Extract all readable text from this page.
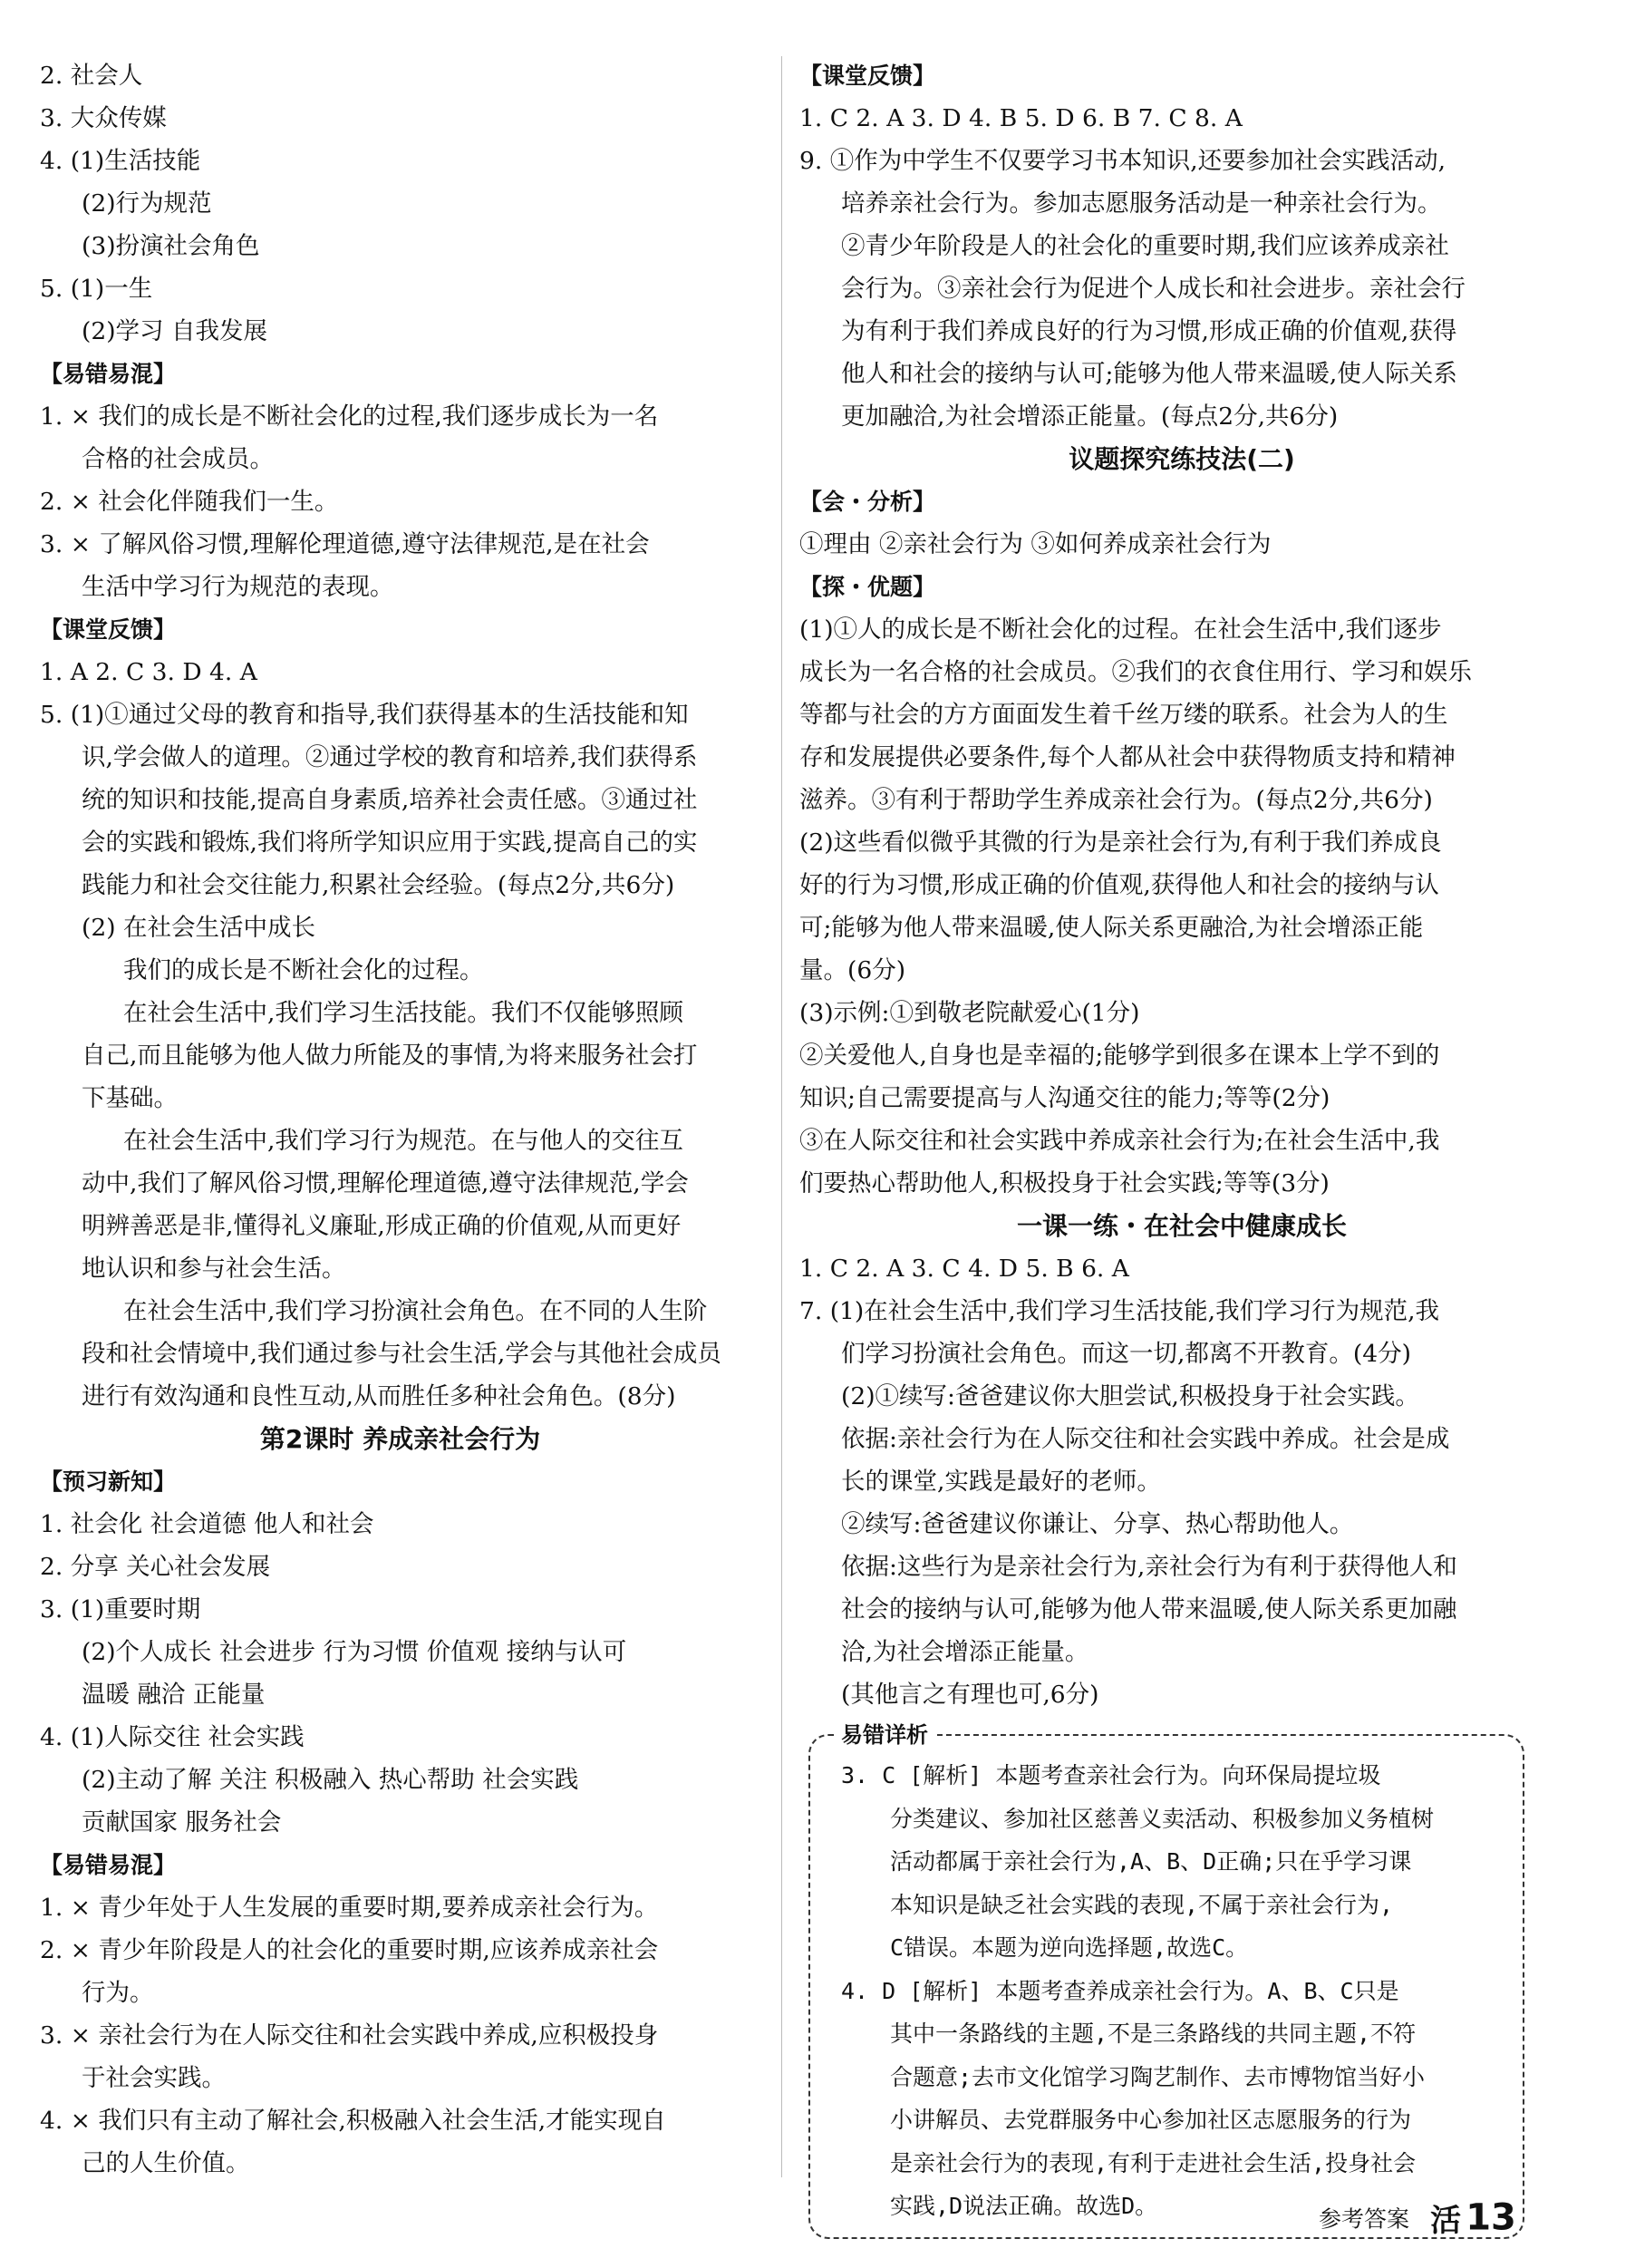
2. 社会人
3. 大众传媒
4. (1)生活技能
(2)行为规范
(3)扮演社会角色
5. (1)一生
(2)学习 自我发展
【易错易混】
1. × 我们的成长是不断社会化的过程,我们逐步成长为一名
合格的社会成员。
2. × 社会化伴随我们一生。
3. × 了解风俗习惯,理解伦理道德,遵守法律规范,是在社会
生活中学习行为规范的表现。
【课堂反馈】
1. A 2. C 3. D 4. A
5. (1)①通过父母的教育和指导,我们获得基本的生活技能和知
识,学会做人的道理。②通过学校的教育和培养,我们获得系
统的知识和技能,提高自身素质,培养社会责任感。③通过社
会的实践和锻炼,我们将所学知识应用于实践,提高自己的实
践能力和社会交往能力,积累社会经验。(每点2分,共6分)
(2) 在社会生活中成长
我们的成长是不断社会化的过程。
在社会生活中,我们学习生活技能。我们不仅能够照顾
自己,而且能够为他人做力所能及的事情,为将来服务社会打
下基础。
在社会生活中,我们学习行为规范。在与他人的交往互
动中,我们了解风俗习惯,理解伦理道德,遵守法律规范,学会
明辨善恶是非,懂得礼义廉耻,形成正确的价值观,从而更好
地认识和参与社会生活。
在社会生活中,我们学习扮演社会角色。在不同的人生阶
段和社会情境中,我们通过参与社会生活,学会与其他社会成员
进行有效沟通和良性互动,从而胜任多种社会角色。(8分)
第2课时 养成亲社会行为
【预习新知】
1. 社会化 社会道德 他人和社会
2. 分享 关心社会发展
3. (1)重要时期
(2)个人成长 社会进步 行为习惯 价值观 接纳与认可
温暖 融洽 正能量
4. (1)人际交往 社会实践
(2)主动了解 关注 积极融入 热心帮助 社会实践
贡献国家 服务社会
【易错易混】
1. × 青少年处于人生发展的重要时期,要养成亲社会行为。
2. × 青少年阶段是人的社会化的重要时期,应该养成亲社会
行为。
3. × 亲社会行为在人际交往和社会实践中养成,应积极投身
于社会实践。
4. × 我们只有主动了解社会,积极融入社会生活,才能实现自
己的人生价值。
【课堂反馈】
1. C 2. A 3. D 4. B 5. D 6. B 7. C 8. A
9. ①作为中学生不仅要学习书本知识,还要参加社会实践活动,
培养亲社会行为。参加志愿服务活动是一种亲社会行为。
②青少年阶段是人的社会化的重要时期,我们应该养成亲社
会行为。③亲社会行为促进个人成长和社会进步。亲社会行
为有利于我们养成良好的行为习惯,形成正确的价值观,获得
他人和社会的接纳与认可;能够为他人带来温暖,使人际关系
更加融洽,为社会增添正能量。(每点2分,共6分)
议题探究练技法(二)
【会・分析】
①理由 ②亲社会行为 ③如何养成亲社会行为
【探・优题】
(1)①人的成长是不断社会化的过程。在社会生活中,我们逐步
成长为一名合格的社会成员。②我们的衣食住用行、学习和娱乐
等都与社会的方方面面发生着千丝万缕的联系。社会为人的生
存和发展提供必要条件,每个人都从社会中获得物质支持和精神
滋养。③有利于帮助学生养成亲社会行为。(每点2分,共6分)
(2)这些看似微乎其微的行为是亲社会行为,有利于我们养成良
好的行为习惯,形成正确的价值观,获得他人和社会的接纳与认
可;能够为他人带来温暖,使人际关系更融洽,为社会增添正能
量。(6分)
(3)示例:①到敬老院献爱心(1分)
②关爱他人,自身也是幸福的;能够学到很多在课本上学不到的
知识;自己需要提高与人沟通交往的能力;等等(2分)
③在人际交往和社会实践中养成亲社会行为;在社会生活中,我
们要热心帮助他人,积极投身于社会实践;等等(3分)
一课一练・在社会中健康成长
1. C 2. A 3. C 4. D 5. B 6. A
7. (1)在社会生活中,我们学习生活技能,我们学习行为规范,我
们学习扮演社会角色。而这一切,都离不开教育。(4分)
(2)①续写:爸爸建议你大胆尝试,积极投身于社会实践。
依据:亲社会行为在人际交往和社会实践中养成。社会是成
长的课堂,实践是最好的老师。
②续写:爸爸建议你谦让、分享、热心帮助他人。
依据:这些行为是亲社会行为,亲社会行为有利于获得他人和
社会的接纳与认可,能够为他人带来温暖,使人际关系更加融
洽,为社会增添正能量。
(其他言之有理也可,6分)
易错详析
3. C [解析] 本题考查亲社会行为。向环保局提垃圾
分类建议、参加社区慈善义卖活动、积极参加义务植树
活动都属于亲社会行为,A、B、D正确;只在乎学习课
本知识是缺乏社会实践的表现,不属于亲社会行为,
C错误。本题为逆向选择题,故选C。
4. D [解析] 本题考查养成亲社会行为。A、B、C只是
其中一条路线的主题,不是三条路线的共同主题,不符
合题意;去市文化馆学习陶艺制作、去市博物馆当好小
小讲解员、去党群服务中心参加社区志愿服务的行为
是亲社会行为的表现,有利于走进社会生活,投身社会
实践,D说法正确。故选D。	参考答案 活 13
